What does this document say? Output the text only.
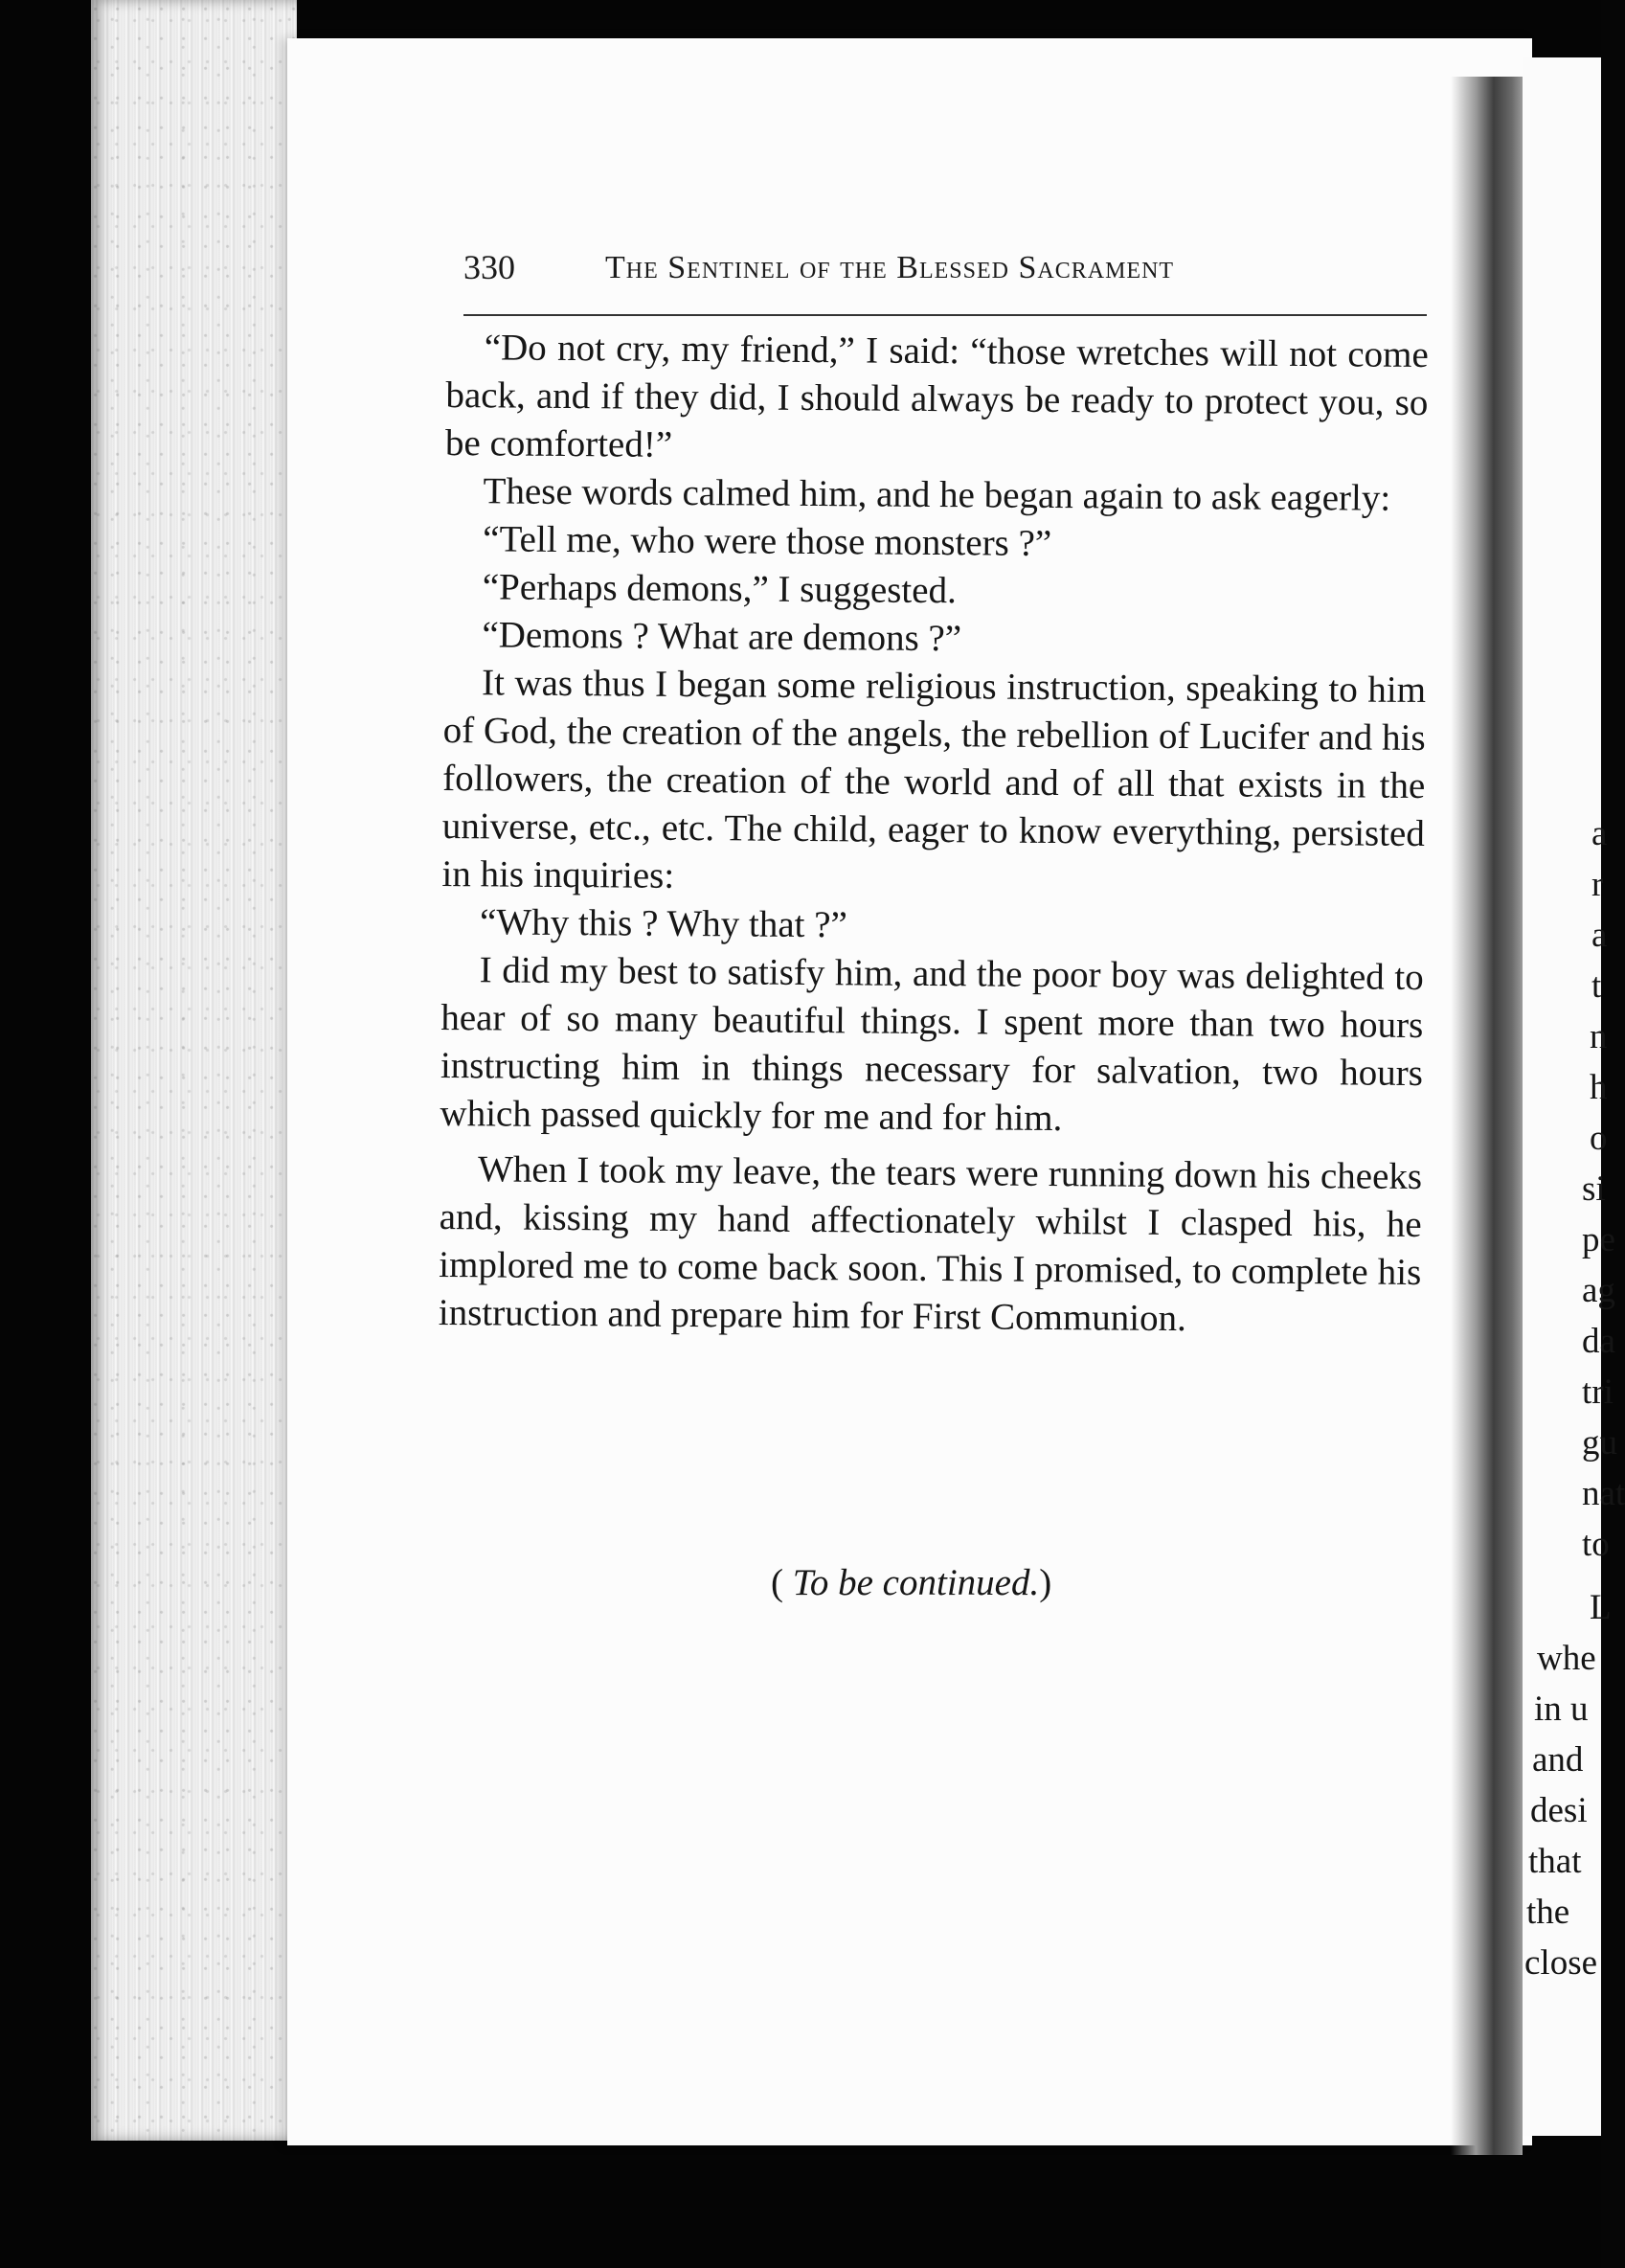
330	The Sentinel of the Blessed Sacrament

“Do not cry, my friend,” I said: “those wretches will not come back, and if they did, I should always be ready to protect you, so be comforted!”

These words calmed him, and he began again to ask eagerly:

“Tell me, who were those monsters ?”

“Perhaps demons,” I suggested.

“Demons ? What are demons ?”

It was thus I began some religious instruction, speaking to him of God, the creation of the angels, the rebellion of Lucifer and his followers, the creation of the world and of all that exists in the universe, etc., etc. The child, eager to know everything, persisted in his inquiries:

“Why this ? Why that ?”

I did my best to satisfy him, and the poor boy was delighted to hear of so many beautiful things. I spent more than two hours instructing him in things necessary for salvation, two hours which passed quickly for me and for him.

When I took my leave, the tears were running down his cheeks and, kissing my hand affectionately whilst I clasped his, he implored me to come back soon. This I promised, to complete his instruction and prepare him for First Communion.

( To be continued.)
a
r
a
t
n
h
o
si
pe
ag
da
tri
gu
nat
to
L
whe
in u
and
desi
that
the
close
